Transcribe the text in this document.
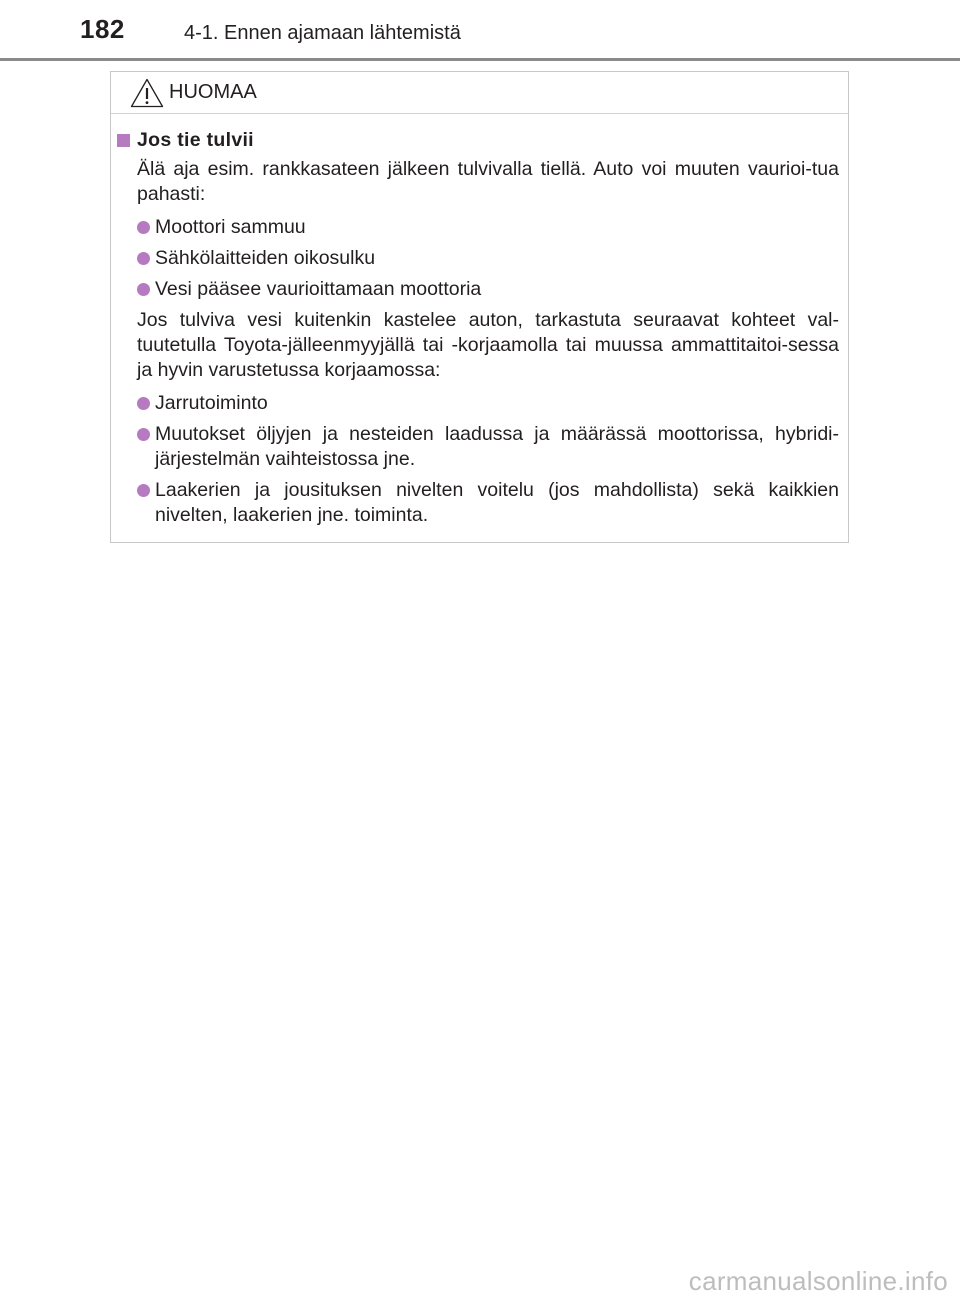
182	4-1. Ennen ajamaan lähtemistä
HUOMAA
Jos tie tulvii

Älä aja esim. rankkasateen jälkeen tulvivalla tiellä. Auto voi muuten vaurioi-tua pahasti:

Moottori sammuu
Sähkölaitteiden oikosulku
Vesi pääsee vaurioittamaan moottoria

Jos tulviva vesi kuitenkin kastelee auton, tarkastuta seuraavat kohteet val-tuutetulla Toyota-jälleenmyyjällä tai -korjaamolla tai muussa ammattitaitoi-sessa ja hyvin varustetussa korjaamossa:

Jarrutoiminto
Muutokset öljyjen ja nesteiden laadussa ja määrässä moottorissa, hybridi-järjestelmän vaihteistossa jne.
Laakerien ja jousituksen nivelten voitelu (jos mahdollista) sekä kaikkien nivelten, laakerien jne. toiminta.
carmanualsonline.info
